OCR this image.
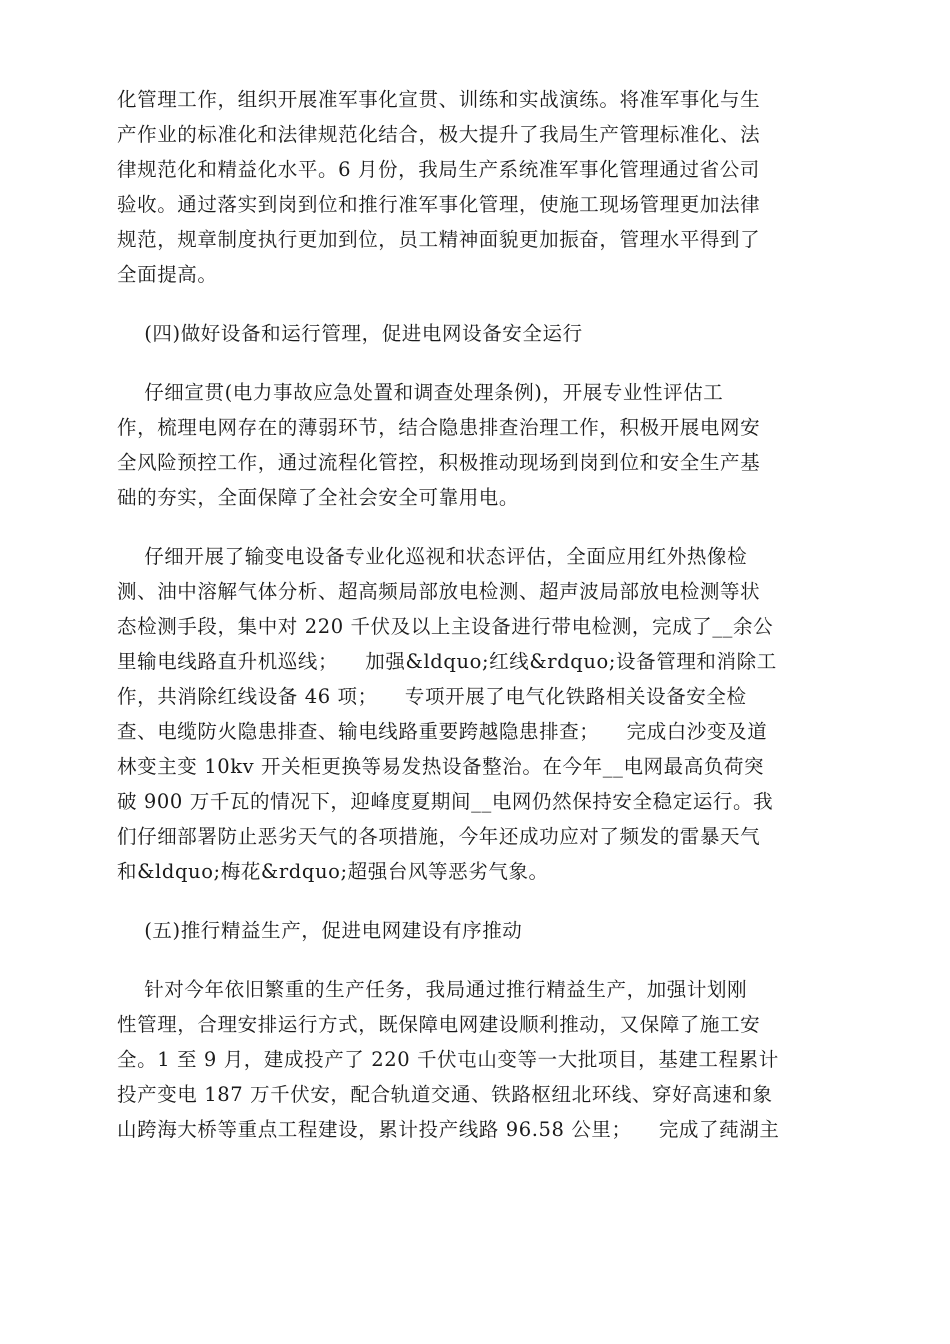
化管理工作，组织开展准军事化宣贯、训练和实战演练。将准军事化与生
产作业的标准化和法律规范化结合，极大提升了我局生产管理标准化、法
律规范化和精益化水平。6 月份，我局生产系统准军事化管理通过省公司
验收。通过落实到岗到位和推行准军事化管理，使施工现场管理更加法律
规范，规章制度执行更加到位，员工精神面貌更加振奋，管理水平得到了
全面提高。
(四)做好设备和运行管理，促进电网设备安全运行
仔细宣贯(电力事故应急处置和调查处理条例)，开展专业性评估工
作，梳理电网存在的薄弱环节，结合隐患排查治理工作，积极开展电网安
全风险预控工作，通过流程化管控，积极推动现场到岗到位和安全生产基
础的夯实，全面保障了全社会安全可靠用电。
仔细开展了输变电设备专业化巡视和状态评估，全面应用红外热像检
测、油中溶解气体分析、超高频局部放电检测、超声波局部放电检测等状
态检测手段，集中对 220 千伏及以上主设备进行带电检测，完成了__余公
里输电线路直升机巡线；    加强&ldquo;红线&rdquo;设备管理和消除工
作，共消除红线设备 46 项；    专项开展了电气化铁路相关设备安全检
查、电缆防火隐患排查、输电线路重要跨越隐患排查；    完成白沙变及道
林变主变 10kv 开关柜更换等易发热设备整治。在今年__电网最高负荷突
破 900 万千瓦的情况下，迎峰度夏期间__电网仍然保持安全稳定运行。我
们仔细部署防止恶劣天气的各项措施，今年还成功应对了频发的雷暴天气
和&ldquo;梅花&rdquo;超强台风等恶劣气象。
(五)推行精益生产，促进电网建设有序推动
针对今年依旧繁重的生产任务，我局通过推行精益生产，加强计划刚
性管理，合理安排运行方式，既保障电网建设顺利推动，又保障了施工安
全。1 至 9 月，建成投产了 220 千伏屯山变等一大批项目，基建工程累计
投产变电 187 万千伏安，配合轨道交通、铁路枢纽北环线、穿好高速和象
山跨海大桥等重点工程建设，累计投产线路 96.58 公里；    完成了莼湖主
